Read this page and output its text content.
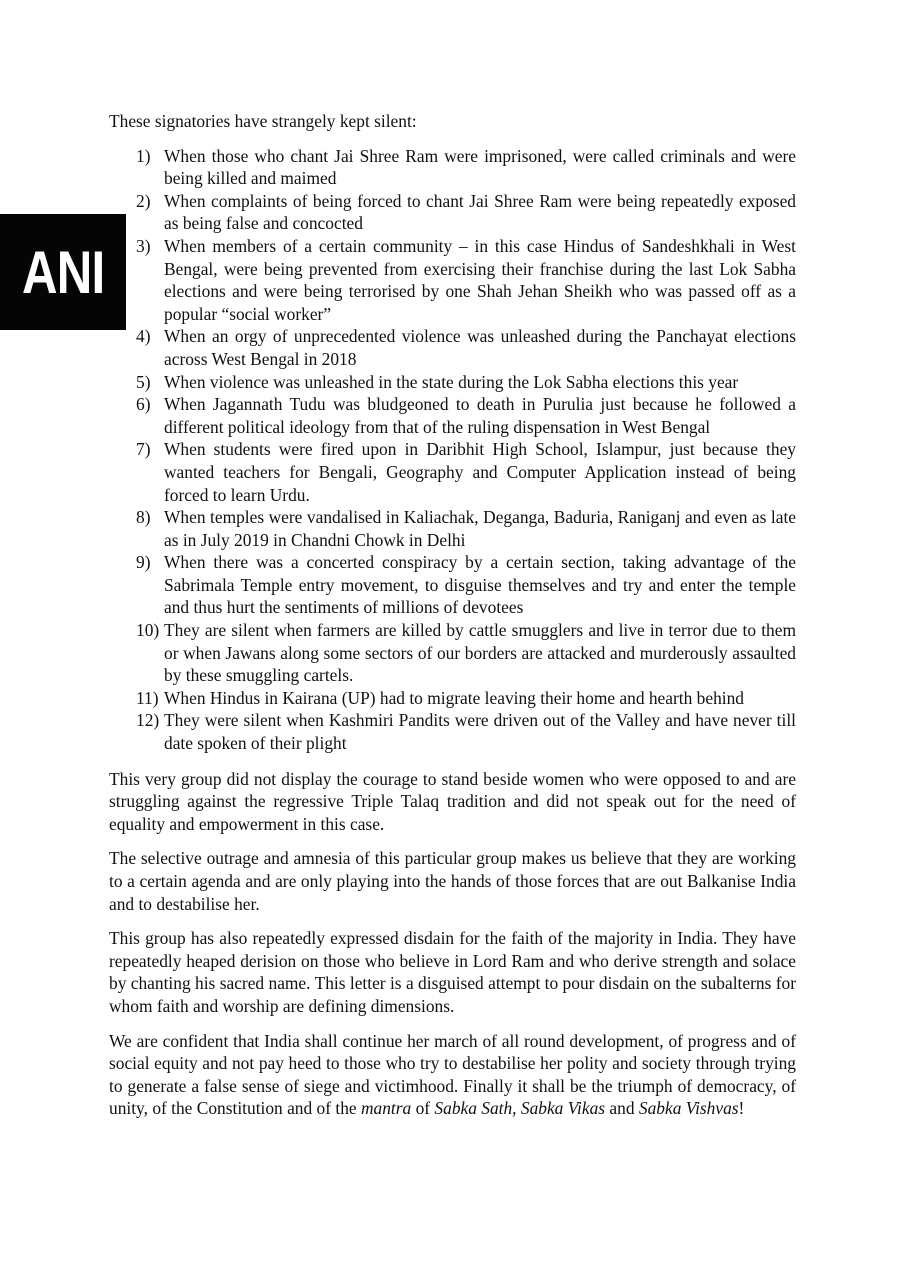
ANI

These signatories have strangely kept silent:

1) When those who chant Jai Shree Ram were imprisoned, were called criminals and were being killed and maimed
2) When complaints of being forced to chant Jai Shree Ram were being repeatedly exposed as being false and concocted
3) When members of a certain community – in this case Hindus of Sandeshkhali in West Bengal, were being prevented from exercising their franchise during the last Lok Sabha elections and were being terrorised by one Shah Jehan Sheikh who was passed off as a popular “social worker”
4) When an orgy of unprecedented violence was unleashed during the Panchayat elections across West Bengal in 2018
5) When violence was unleashed in the state during the Lok Sabha elections this year
6) When Jagannath Tudu was bludgeoned to death in Purulia just because he followed a different political ideology from that of the ruling dispensation in West Bengal
7) When students were fired upon in Daribhit High School, Islampur, just because they wanted teachers for Bengali, Geography and Computer Application instead of being forced to learn Urdu.
8) When temples were vandalised in Kaliachak, Deganga, Baduria, Raniganj and even as late as in July 2019 in Chandni Chowk in Delhi
9) When there was a concerted conspiracy by a certain section, taking advantage of the Sabrimala Temple entry movement, to disguise themselves and try and enter the temple and thus hurt the sentiments of millions of devotees
10) They are silent when farmers are killed by cattle smugglers and live in terror due to them or when Jawans along some sectors of our borders are attacked and murderously assaulted by these smuggling cartels.
11) When Hindus in Kairana (UP) had to migrate leaving their home and hearth behind
12) They were silent when Kashmiri Pandits were driven out of the Valley and have never till date spoken of their plight

This very group did not display the courage to stand beside women who were opposed to and are struggling against the regressive Triple Talaq tradition and did not speak out for the need of equality and empowerment in this case.

The selective outrage and amnesia of this particular group makes us believe that they are working to a certain agenda and are only playing into the hands of those forces that are out Balkanise India and to destabilise her.

This group has also repeatedly expressed disdain for the faith of the majority in India. They have repeatedly heaped derision on those who believe in Lord Ram and who derive strength and solace by chanting his sacred name. This letter is a disguised attempt to pour disdain on the subalterns for whom faith and worship are defining dimensions.

We are confident that India shall continue her march of all round development, of progress and of social equity and not pay heed to those who try to destabilise her polity and society through trying to generate a false sense of siege and victimhood. Finally it shall be the triumph of democracy, of unity, of the Constitution and of the mantra of Sabka Sath, Sabka Vikas and Sabka Vishvas!
